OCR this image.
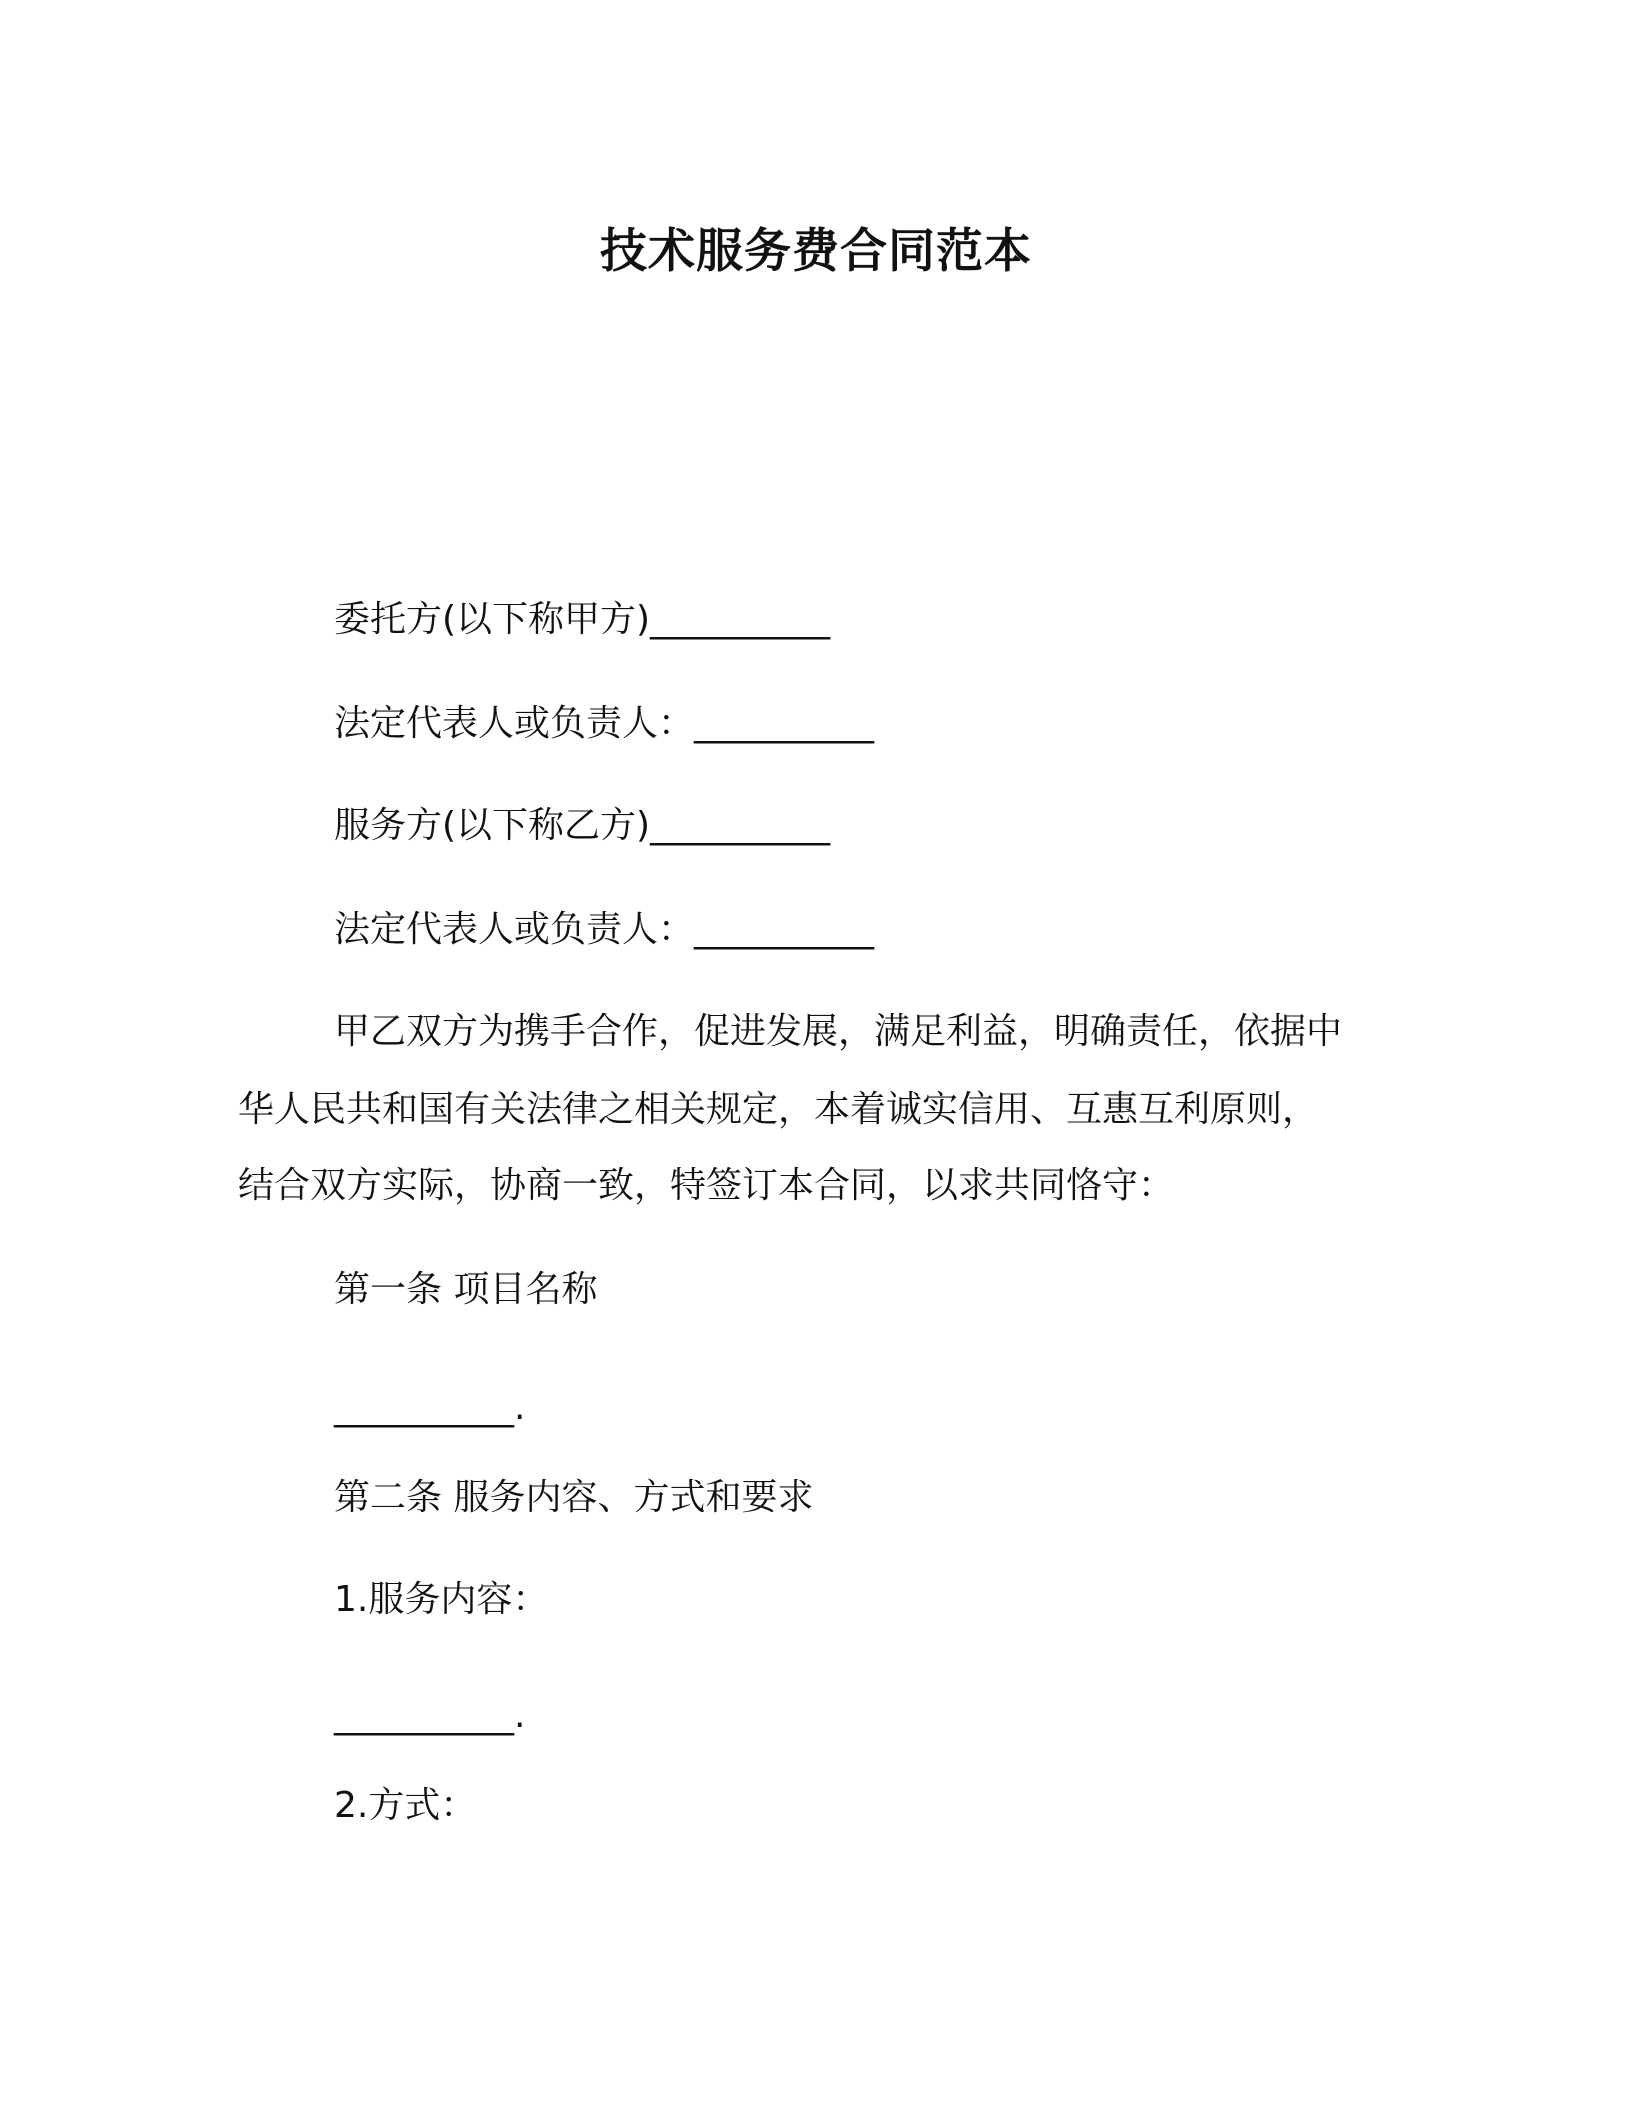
技术服务费合同范本
委托方(以下称甲方)__________
法定代表人或负责人：__________
服务方(以下称乙方)__________
法定代表人或负责人：__________
甲乙双方为携手合作，促进发展，满足利益，明确责任，依据中
华人民共和国有关法律之相关规定，本着诚实信用、互惠互利原则，
结合双方实际，协商一致，特签订本合同，以求共同恪守：
第一条 项目名称
__________.
第二条 服务内容、方式和要求
1.服务内容：
__________.
2.方式：
